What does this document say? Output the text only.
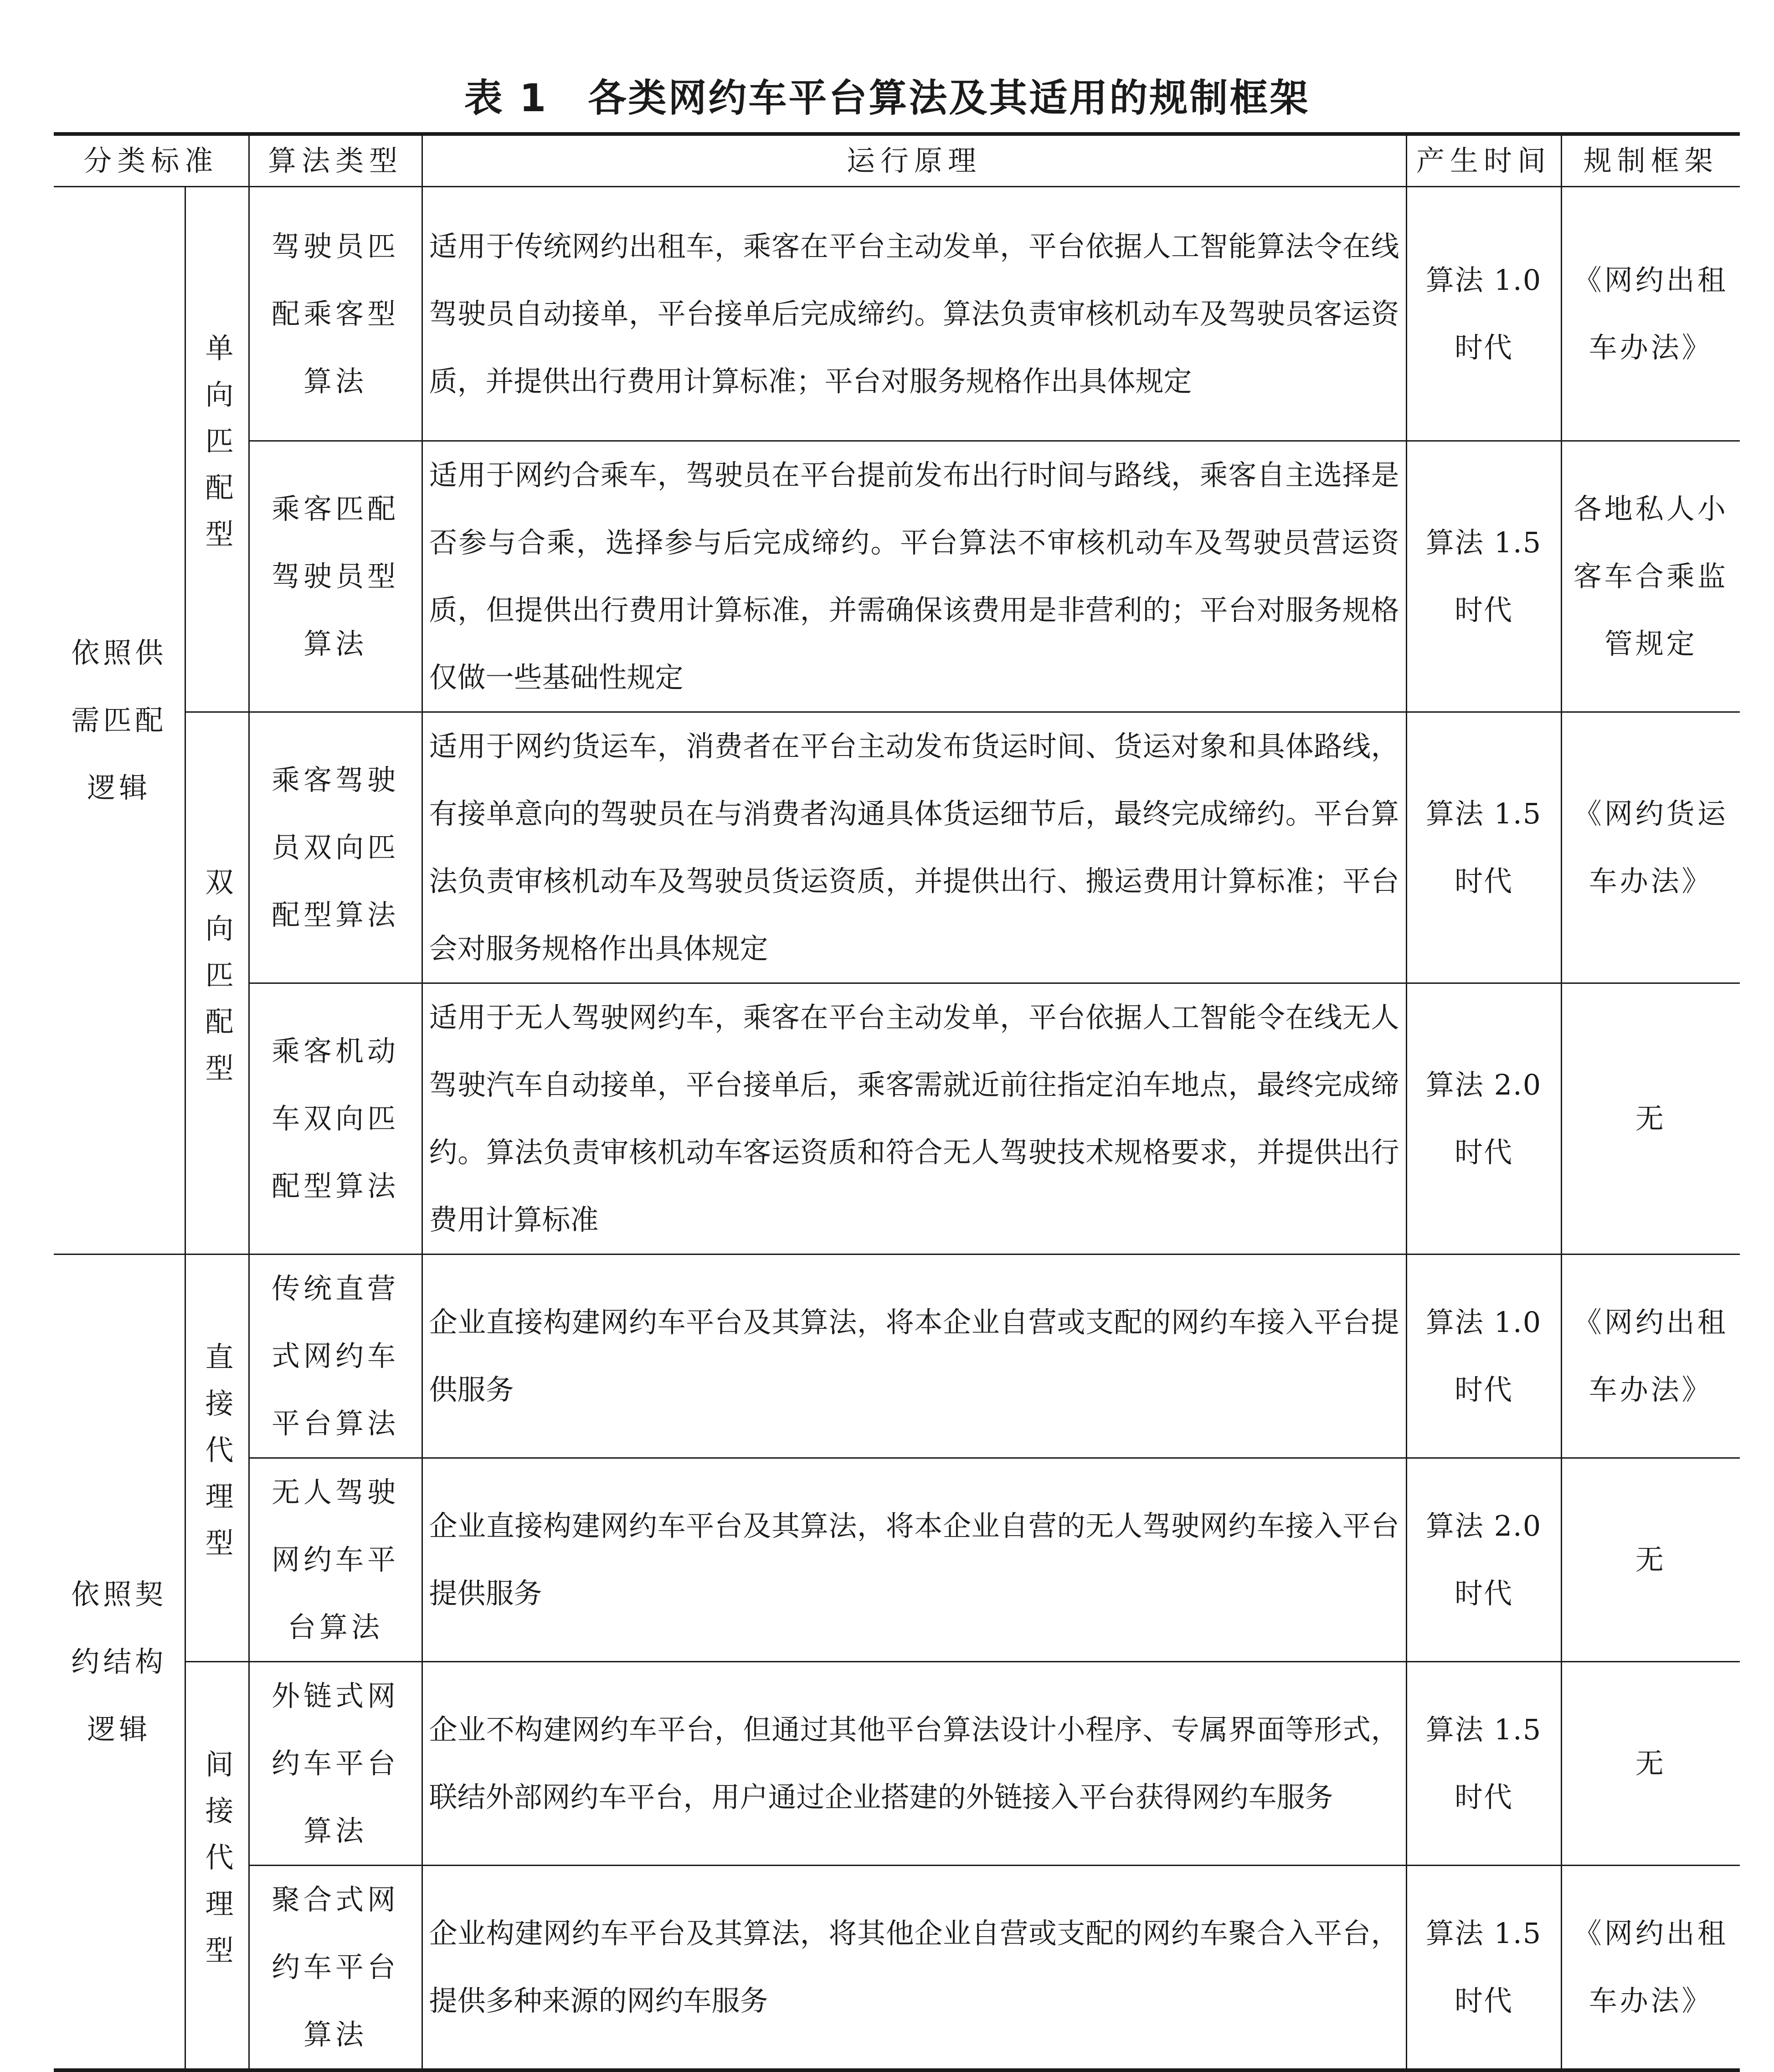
表 1　各类网约车平台算法及其适用的规制框架
分类标准		算法类型	运行原理	产生时间	规制框架
依照供需匹配逻辑	单向匹配型	驾驶员匹配乘客型算法	适用于传统网约出租车，乘客在平台主动发单，平台依据人工智能算法令在线驾驶员自动接单，平台接单后完成缔约。算法负责审核机动车及驾驶员客运资质，并提供出行费用计算标准；平台对服务规格作出具体规定	算法 1.0 时代	《网约出租车办法》
		乘客匹配驾驶员型算法	适用于网约合乘车，驾驶员在平台提前发布出行时间与路线，乘客自主选择是否参与合乘，选择参与后完成缔约。平台算法不审核机动车及驾驶员营运资质，但提供出行费用计算标准，并需确保该费用是非营利的；平台对服务规格仅做一些基础性规定	算法 1.5 时代	各地私人小客车合乘监管规定
	双向匹配型	乘客驾驶员双向匹配型算法	适用于网约货运车，消费者在平台主动发布货运时间、货运对象和具体路线，有接单意向的驾驶员在与消费者沟通具体货运细节后，最终完成缔约。平台算法负责审核机动车及驾驶员货运资质，并提供出行、搬运费用计算标准；平台会对服务规格作出具体规定	算法 1.5 时代	《网约货运车办法》
		乘客机动车双向匹配型算法	适用于无人驾驶网约车，乘客在平台主动发单，平台依据人工智能令在线无人驾驶汽车自动接单，平台接单后，乘客需就近前往指定泊车地点，最终完成缔约。算法负责审核机动车客运资质和符合无人驾驶技术规格要求，并提供出行费用计算标准	算法 2.0 时代	无
依照契约结构逻辑	直接代理型	传统直营式网约车平台算法	企业直接构建网约车平台及其算法，将本企业自营或支配的网约车接入平台提供服务	算法 1.0 时代	《网约出租车办法》
		无人驾驶网约车平台算法	企业直接构建网约车平台及其算法，将本企业自营的无人驾驶网约车接入平台提供服务	算法 2.0 时代	无
	间接代理型	外链式网约车平台算法	企业不构建网约车平台，但通过其他平台算法设计小程序、专属界面等形式，联结外部网约车平台，用户通过企业搭建的外链接入平台获得网约车服务	算法 1.5 时代	无
		聚合式网约车平台算法	企业构建网约车平台及其算法，将其他企业自营或支配的网约车聚合入平台，提供多种来源的网约车服务	算法 1.5 时代	《网约出租车办法》
